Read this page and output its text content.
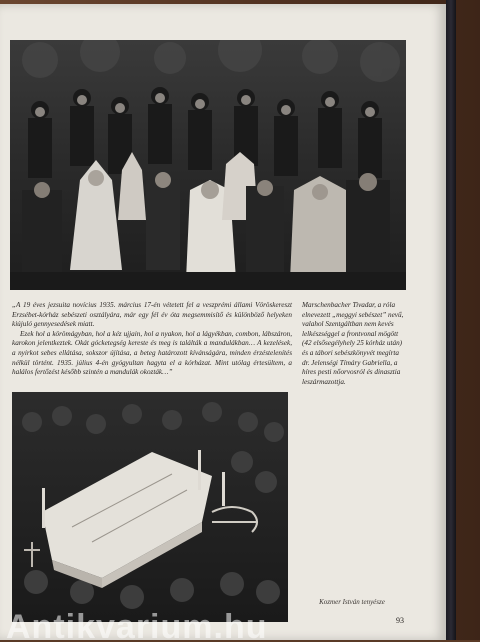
„A 19 éves jezsuita novícius 1935. március 17-én vétetett fel a veszprémi állami Vöröskereszt Erzsébet-kórház sebészeti osztályára, már egy fél év óta megsemmisítő és különböző helyeken kiújuló gennyesedések miatt.

Ezek hol a körömágyban, hol a kéz ujjain, hol a nyakon, hol a lágyékban, combon, lábszáron, karokon jelentkeztek. Okát gócketegség kereste és meg is találták a mandulákban… A kezelések, a nyirkot sebes ellátása, sokszor újítása, a beteg határozott kívánságára, minden érzéstelenítés nélkül történt. 1935. július 4-én gyógyultan hagyta el a kórházat. Mint utólag értesültem, a halálos fertőzést később szintén a mandulák okozták…”

Marschenbacher Tivadar, a róla elnevezett „meggyi sebészet” nevű, valahol Szentgáltban nem kevés lelkészséggel a frontvonal mögött (42 elsősegélyhely 25 kórház után) és a tábori sebészkönyvét megírta dr. Jelenségi Tímáry Gabriella, a híres pesti nőorvosról és dinasztia leszármazottja.
Kozmer István tenyésze
93
Antikvarium.hu
